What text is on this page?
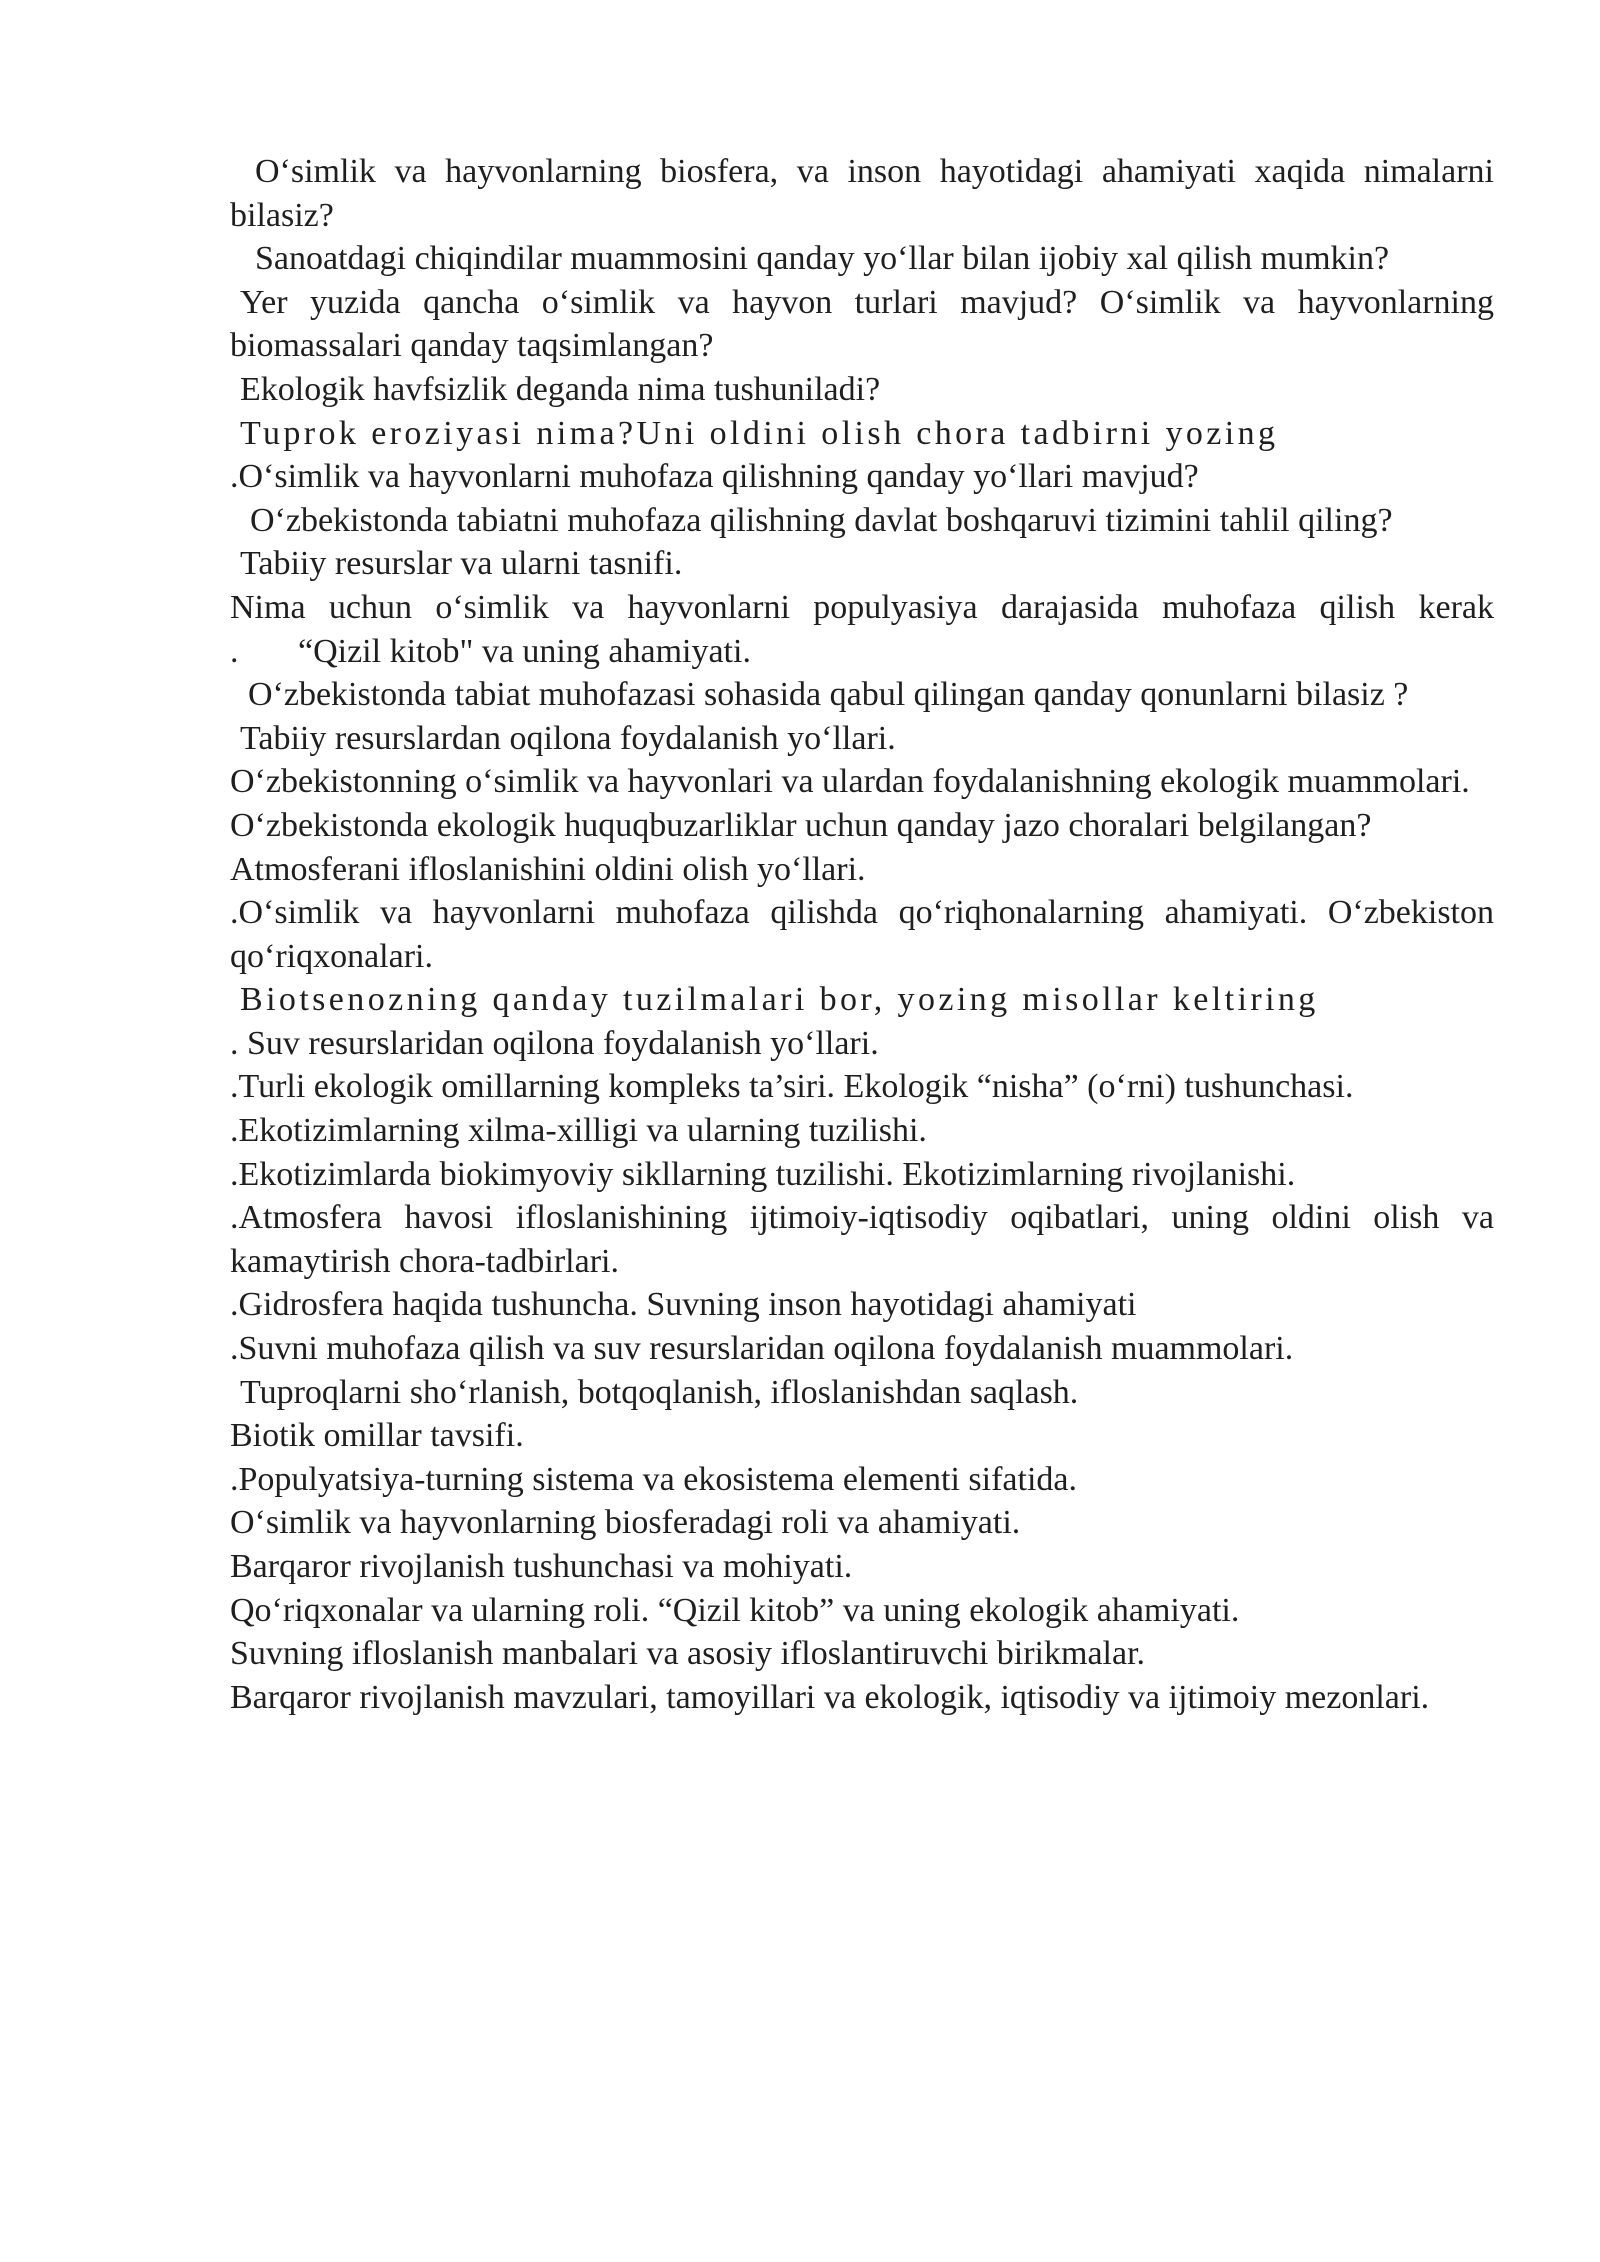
O‘simlik va hayvonlarning biosfera, va inson hayotidagi ahamiyati xaqida nimalarni bilasiz?

Sanoatdagi chiqindilar muammosini qanday yo‘llar bilan ijobiy xal qilish mumkin?

Yer yuzida qancha o‘simlik va hayvon turlari mavjud? O‘simlik va hayvonlarning biomassalari qanday taqsimlangan?

Ekologik havfsizlik deganda nima tushuniladi?

Tuprok eroziyasi nima?Uni oldini olish chora tadbirni yozing

.O‘simlik va hayvonlarni muhofaza qilishning qanday yo‘llari mavjud?

O‘zbekistonda tabiatni muhofaza qilishning davlat boshqaruvi tizimini tahlil qiling?

Tabiiy resurslar va ularni tasnifi.

Nima uchun o‘simlik va hayvonlarni populyasiya darajasida muhofaza qilish kerak

.       “Qizil kitob" va uning ahamiyati.

O‘zbekistonda tabiat muhofazasi sohasida qabul qilingan qanday qonunlarni bilasiz ?

Tabiiy resurslardan oqilona foydalanish yo‘llari.

O‘zbekistonning o‘simlik va hayvonlari va ulardan foydalanishning ekologik muammolari.

O‘zbekistonda ekologik huquqbuzarliklar uchun qanday jazo choralari belgilangan?

Atmosferani ifloslanishini oldini olish yo‘llari.

.O‘simlik va hayvonlarni muhofaza qilishda qo‘riqhonalarning ahamiyati. O‘zbekiston qo‘riqxonalari.

Biotsenozning qanday tuzilmalari bor, yozing misollar keltiring

. Suv resurslaridan oqilona foydalanish yo‘llari.

.Turli ekologik omillarning kompleks ta’siri. Ekologik “nisha” (o‘rni) tushunchasi.

.Ekotizimlarning xilma-xilligi va ularning tuzilishi.

.Ekotizimlarda biokimyoviy sikllarning tuzilishi. Ekotizimlarning rivojlanishi.

.Atmosfera havosi ifloslanishining ijtimoiy-iqtisodiy oqibatlari, uning oldini olish va kamaytirish chora-tadbirlari.

.Gidrosfera haqida tushuncha. Suvning inson hayotidagi ahamiyati

.Suvni muhofaza qilish va suv resurslaridan oqilona foydalanish muammolari.

Tuproqlarni sho‘rlanish, botqoqlanish, ifloslanishdan saqlash.

Biotik omillar tavsifi.

.Populyatsiya-turning sistema va ekosistema elementi sifatida.

O‘simlik va hayvonlarning biosferadagi roli va ahamiyati.

Barqaror rivojlanish tushunchasi va mohiyati.

Qo‘riqxonalar va ularning roli. “Qizil kitob” va uning ekologik ahamiyati.

Suvning ifloslanish manbalari va asosiy ifloslantiruvchi birikmalar.

Barqaror rivojlanish mavzulari, tamoyillari va ekologik, iqtisodiy va ijtimoiy mezonlari.
